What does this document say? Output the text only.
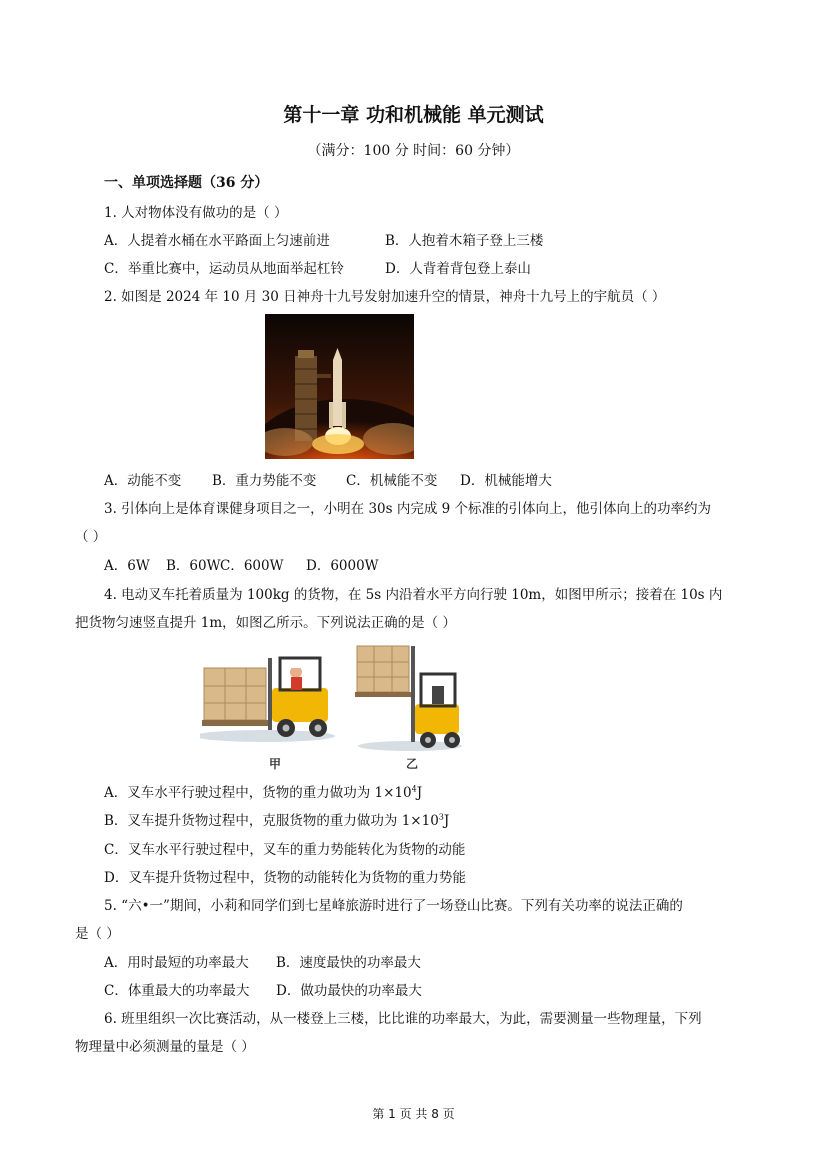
第十一章 功和机械能 单元测试
（满分：100 分 时间：60 分钟）
一、单项选择题（36 分）
1. 人对物体没有做功的是（ ）
A．人提着水桶在水平路面上匀速前进	B．人抱着木箱子登上三楼
C．举重比赛中，运动员从地面举起杠铃	D．人背着背包登上泰山
2. 如图是 2024 年 10 月 30 日神舟十九号发射加速升空的情景，神舟十九号上的宇航员（ ）
A．动能不变 B．重力势能不变 C．机械能不变 D．机械能增大
3. 引体向上是体育课健身项目之一，小明在 30s 内完成 9 个标准的引体向上，他引体向上的功率约为
（ ）
A．6W B．60W C．600W D．6000W
4. 电动叉车托着质量为 100kg 的货物，在 5s 内沿着水平方向行驶 10m，如图甲所示；接着在 10s 内
把货物匀速竖直提升 1m，如图乙所示。下列说法正确的是（ ）
甲	乙
A．叉车水平行驶过程中，货物的重力做功为 $1\times 10^4J$
B．叉车提升货物过程中，克服货物的重力做功为 $1\times 10^3J$
C．叉车水平行驶过程中，叉车的重力势能转化为货物的动能
D．叉车提升货物过程中，货物的动能转化为货物的重力势能
5. “六•一”期间，小莉和同学们到七星峰旅游时进行了一场登山比赛。下列有关功率的说法正确的
是（ ）
A．用时最短的功率最大 B．速度最快的功率最大
C．体重最大的功率最大 D．做功最快的功率最大
6. 班里组织一次比赛活动，从一楼登上三楼，比比谁的功率最大，为此，需要测量一些物理量，下列
物理量中必须测量的量是（ ）
第 1 页 共 8 页
